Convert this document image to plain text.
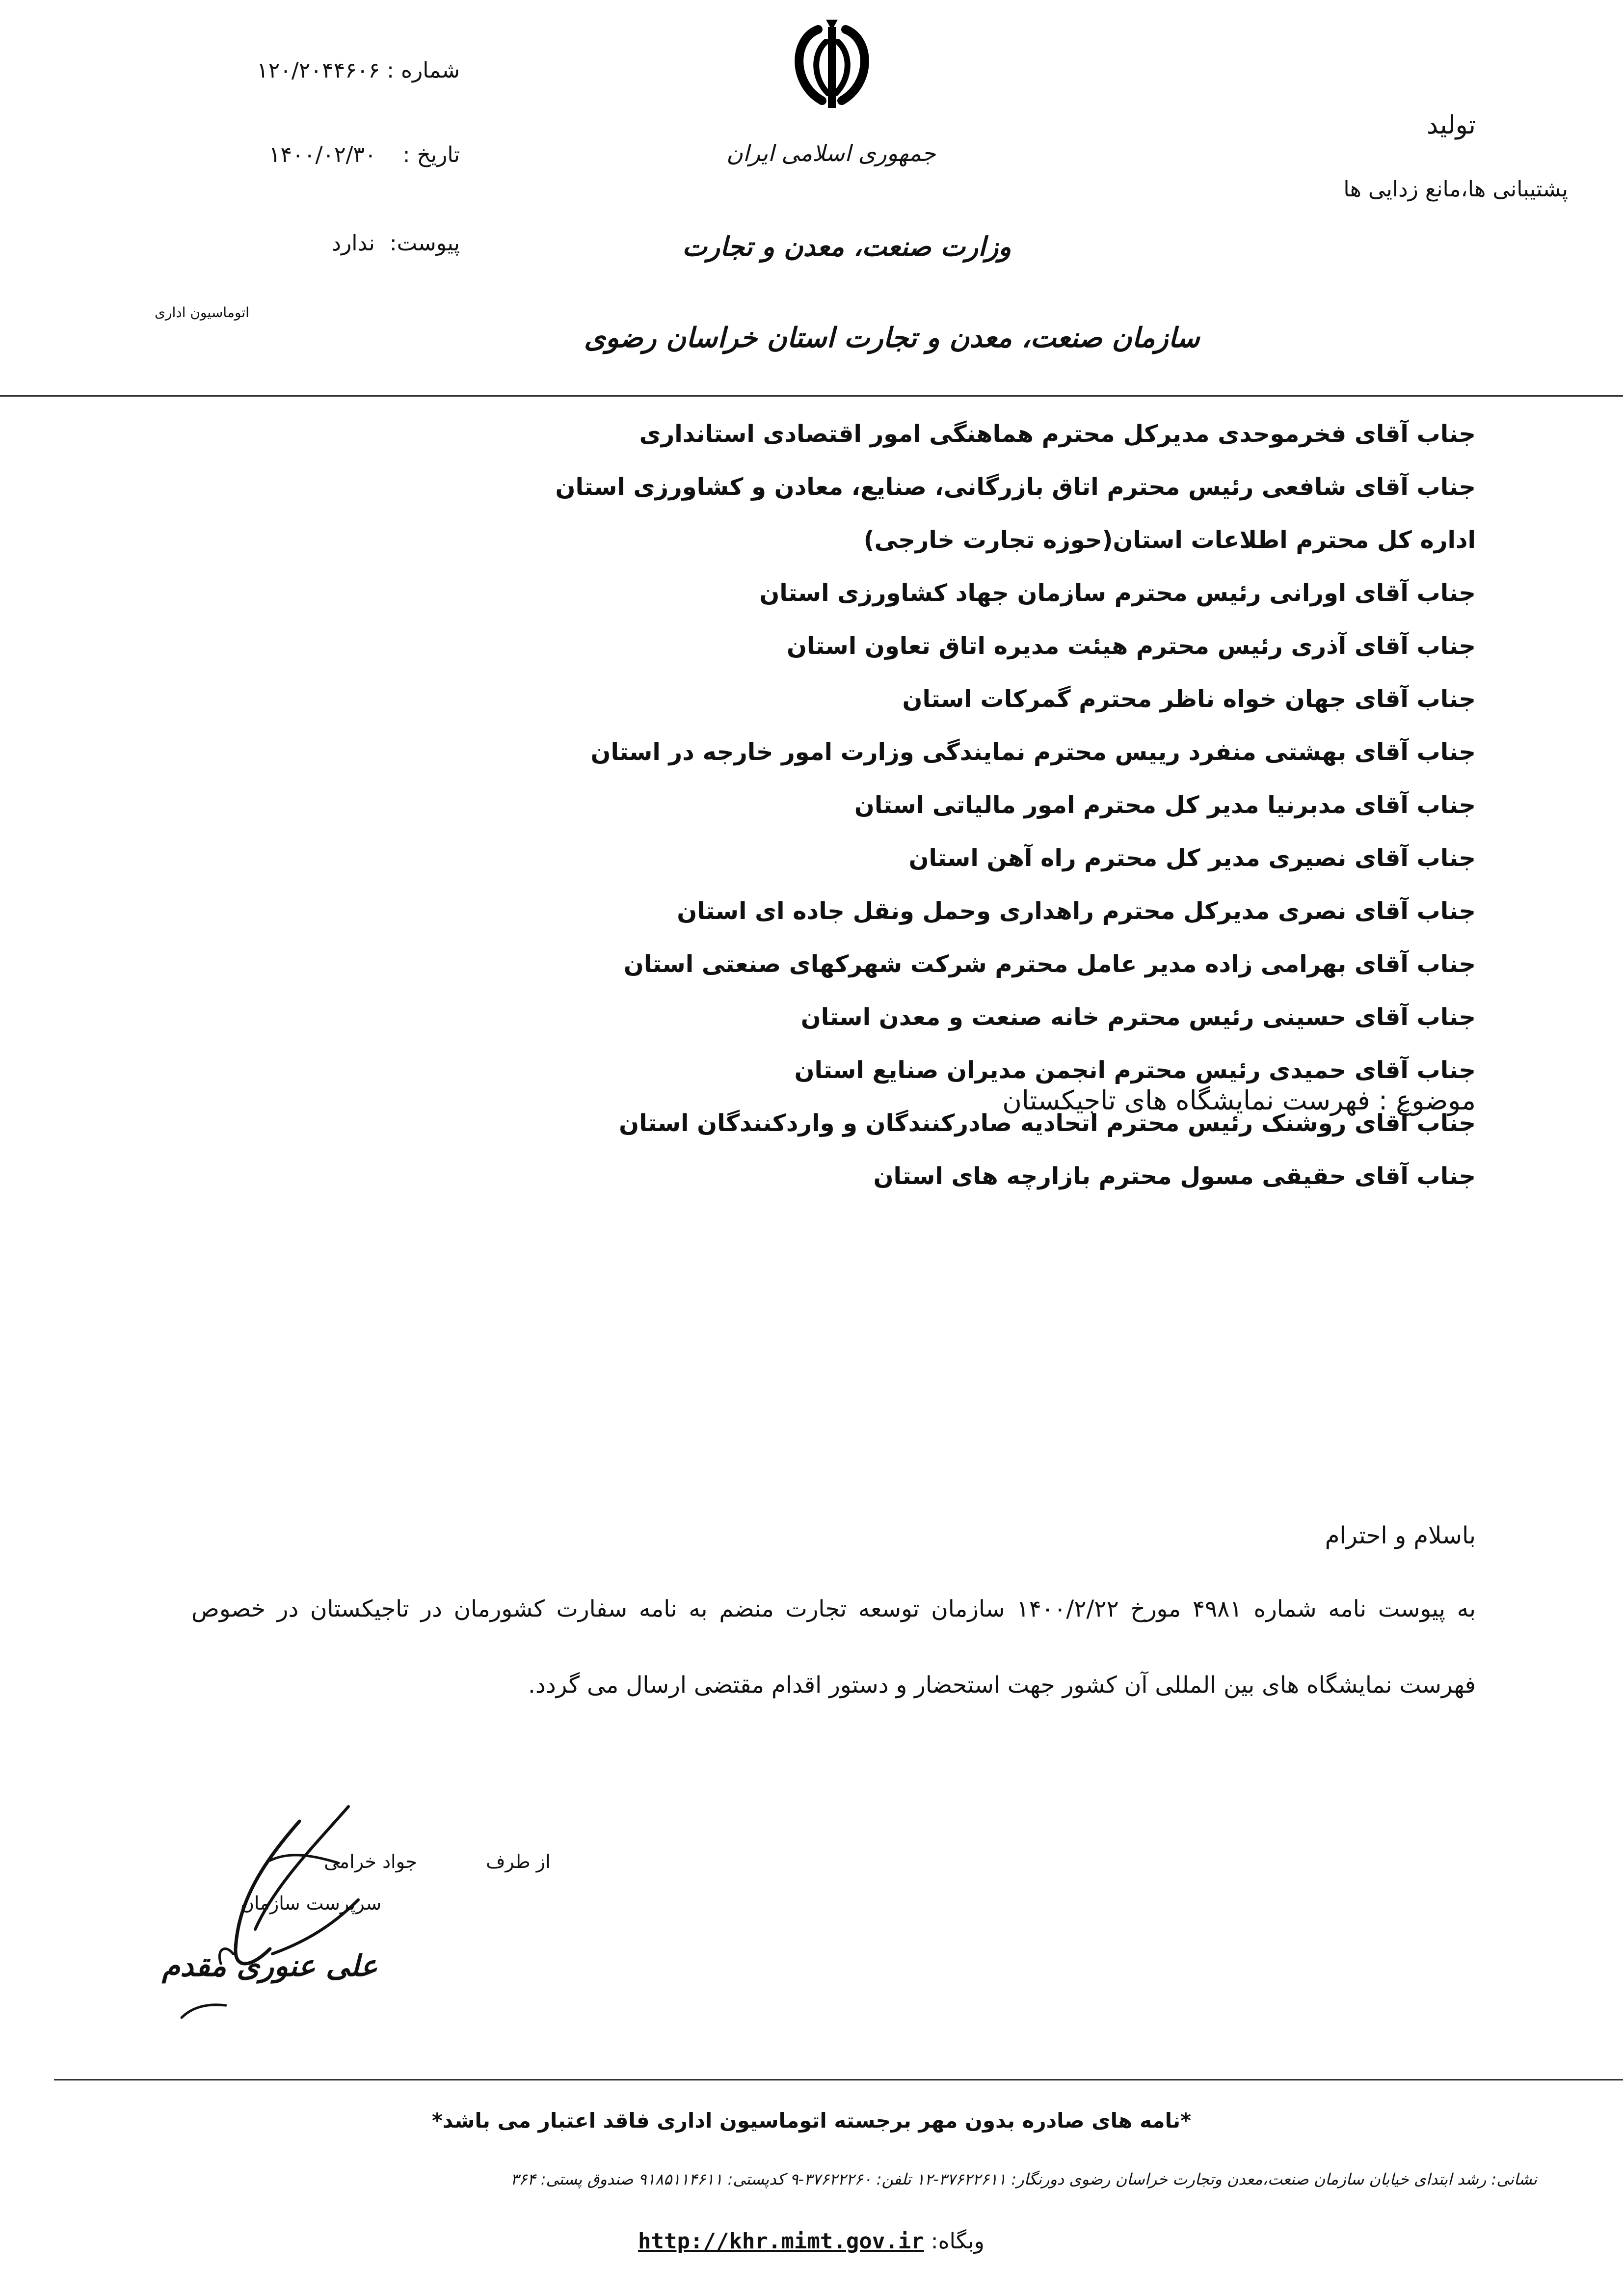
شماره : ۱۲۰/۲۰۴۴۶۰۶
تاریخ : ۱۴۰۰/۰۲/۳۰
پیوست: ندارد
اتوماسیون اداری
جمهوری اسلامی ایران
وزارت صنعت، معدن و تجارت
سازمان صنعت، معدن و تجارت استان خراسان رضوی
تولید
پشتیبانی ها،مانع زدایی ها
جناب آقای فخرموحدی مدیرکل محترم هماهنگی امور اقتصادی استانداری
جناب آقای شافعی رئیس محترم اتاق بازرگانی، صنایع، معادن و کشاورزی استان
اداره کل محترم اطلاعات استان(حوزه تجارت خارجی)
جناب آقای اورانی رئیس محترم سازمان جهاد کشاورزی استان
جناب آقای آذری رئیس محترم هیئت مدیره اتاق تعاون استان
جناب آقای جهان خواه ناظر محترم گمرکات استان
جناب آقای بهشتی منفرد رییس محترم نمایندگی وزارت امور خارجه در استان
جناب آقای مدبرنیا مدیر کل محترم امور مالیاتی استان
جناب آقای نصیری مدیر کل محترم راه آهن استان
جناب آقای نصری مدیرکل محترم راهداری وحمل ونقل جاده ای استان
جناب آقای بهرامی زاده مدیر عامل محترم شرکت شهرکهای صنعتی استان
جناب آقای حسینی رئیس محترم خانه صنعت و معدن استان
جناب آقای حمیدی رئیس محترم انجمن مدیران صنایع استان
جناب آقای روشنک رئیس محترم اتحادیه صادرکنندگان و واردکنندگان استان
جناب آقای حقیقی مسول محترم بازارچه های استان
موضوع : فهرست نمایشگاه های تاجیکستان
باسلام و احترام
به پیوست نامه شماره ۴۹۸۱ مورخ ۱۴۰۰/۲/۲۲ سازمان توسعه تجارت منضم به نامه سفارت کشورمان در تاجیکستان در خصوص فهرست نمایشگاه های بین المللی آن کشور جهت استحضار و دستور اقدام مقتضی ارسال می گردد.
از طرف
جواد خرامی
سرپرست سازمان
علی عنوری مقدم
*نامه های صادره بدون مهر برجسته اتوماسیون اداری فاقد اعتبار می باشد*
نشانی: رشد ابتدای خیابان سازمان صنعت،معدن وتجارت خراسان رضوی دورنگار: ۳۷۶۲۲۶۱۱-۱۲ تلفن: ۳۷۶۲۲۲۶۰-۹ کدپستی: ۹۱۸۵۱۱۴۶۱۱ صندوق پستی: ۳۶۴
http://khr.mimt.gov.ir وبگاه:
